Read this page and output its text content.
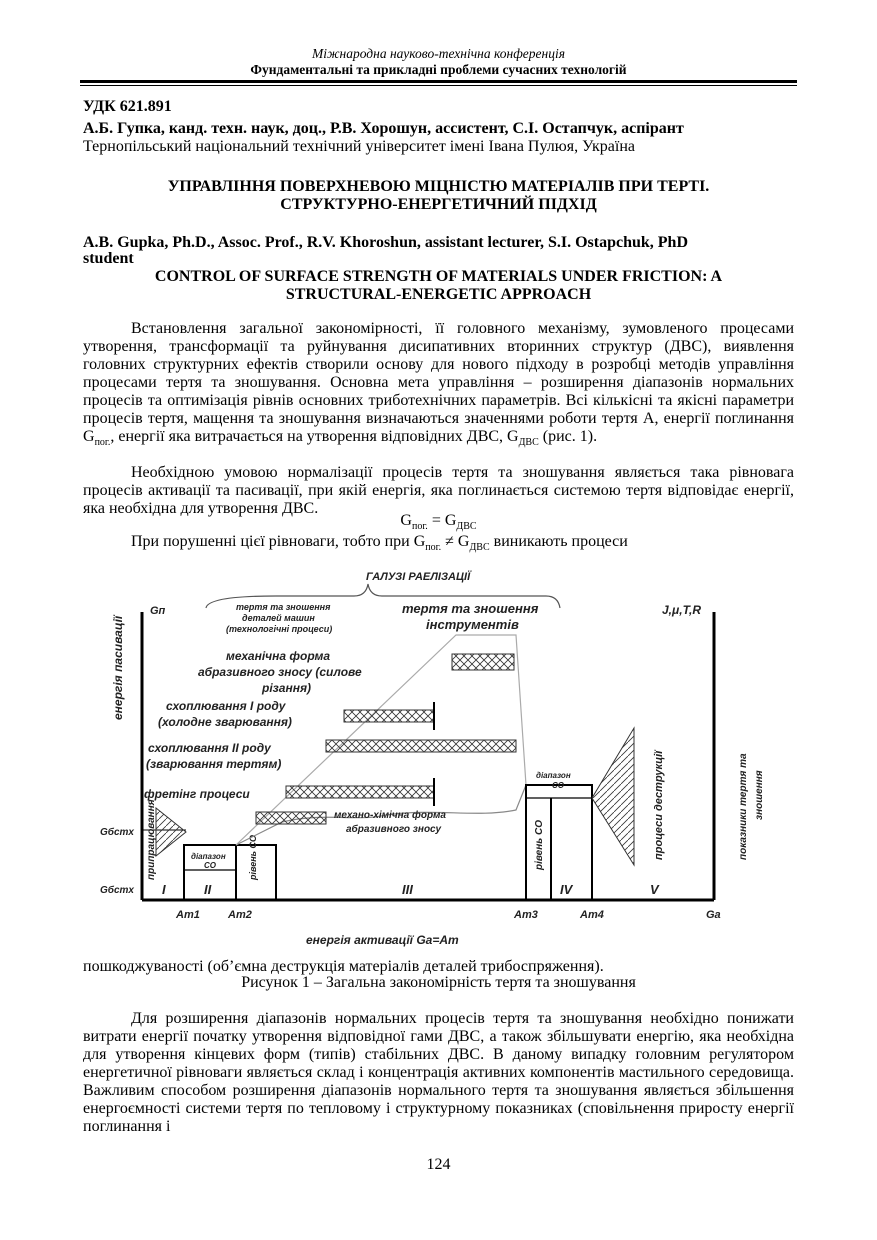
Міжнародна науково-технічна конференція
Фундаментальні та прикладні проблеми сучасних технологій
УДК 621.891
А.Б. Гупка, канд. техн. наук, доц., Р.В. Хорошун, ассистент, С.І. Остапчук, аспірант
Тернопільський національний технічний університет імені Івана Пулюя, Україна
УПРАВЛІННЯ ПОВЕРХНЕВОЮ МІЦНІСТЮ МАТЕРІАЛІВ ПРИ ТЕРТІ.
СТРУКТУРНО-ЕНЕРГЕТИЧНИЙ ПІДХІД
A.B. Gupka, Ph.D., Assoc. Prof., R.V. Khoroshun, assistant lecturer, S.I. Ostapchuk, PhD
student
CONTROL OF SURFACE STRENGTH OF MATERIALS UNDER FRICTION: A
STRUCTURAL-ENERGETIC APPROACH
Встановлення загальної закономірності, її головного механізму, зумовленого процесами утворення, трансформації та руйнування дисипативних вторинних структур (ДВС), виявлення головних структурних ефектів створили основу для нового підходу в розробці методів управління процесами тертя та зношування. Основна мета управління – розширення діапазонів нормальних процесів та оптимізація рівнів основних триботехнічних параметрів. Всі кількісні та якісні параметри процесів тертя, мащення та зношування визначаються значеннями роботи тертя А, енергії поглинання $G_{пог.}$, енергії яка витрачається на утворення відповідних ДВС, $G_{ДВС}$ (рис. 1).
Необхідною умовою нормалізації процесів тертя та зношування являється така рівновага процесів активації та пасивації, при якій енергія, яка поглинається системою тертя відповідає енергії, яка необхідна для утворення ДВС.
$G_{пог.} = G_{ДВС}$
При порушенні цієї рівноваги, тобто при $G_{пог.} \ne G_{ДВС}$ виникають процеси
ГАЛУЗІ РАЕЛІЗАЦІЇ
тертя та зношення
деталей машин
(технологічні процеси)
тертя та зношення
інструментів
енергія пасивації
Gп
Gбстх
Gбстх
J,μ,T,R
показники тертя та зношення
припрацювання	діапазон
СО	рівень СО
механічна форма
абразивного зносу (силове
різання)
схоплювання I роду
(холодне зварювання)
схоплювання II роду
(зварювання тертям)
фретінг процеси
механо-хімічна форма
абразивного зносу
діапазон
СО
рівень СО	процеси деструкції
I	II	III	IV	V
Aт1	Aт2	Aт3	Aт4	Gа
енергія активації Gа=Aт
пошкоджуваності (об’ємна деструкція матеріалів деталей трибоспряження).
Рисунок 1 – Загальна закономірність тертя та зношування
Для розширення діапазонів нормальних процесів тертя та зношування необхідно понижати витрати енергії початку утворення відповідної гами ДВС, а також збільшувати енергію, яка необхідна для утворення кінцевих форм (типів) стабільних ДВС. В даному випадку головним регулятором енергетичної рівноваги являється склад і концентрація активних компонентів мастильного середовища. Важливим способом розширення діапазонів нормального тертя та зношування являється збільшення енергоємності системи тертя по тепловому і структурному показниках (сповільнення приросту енергії поглинання і
124
